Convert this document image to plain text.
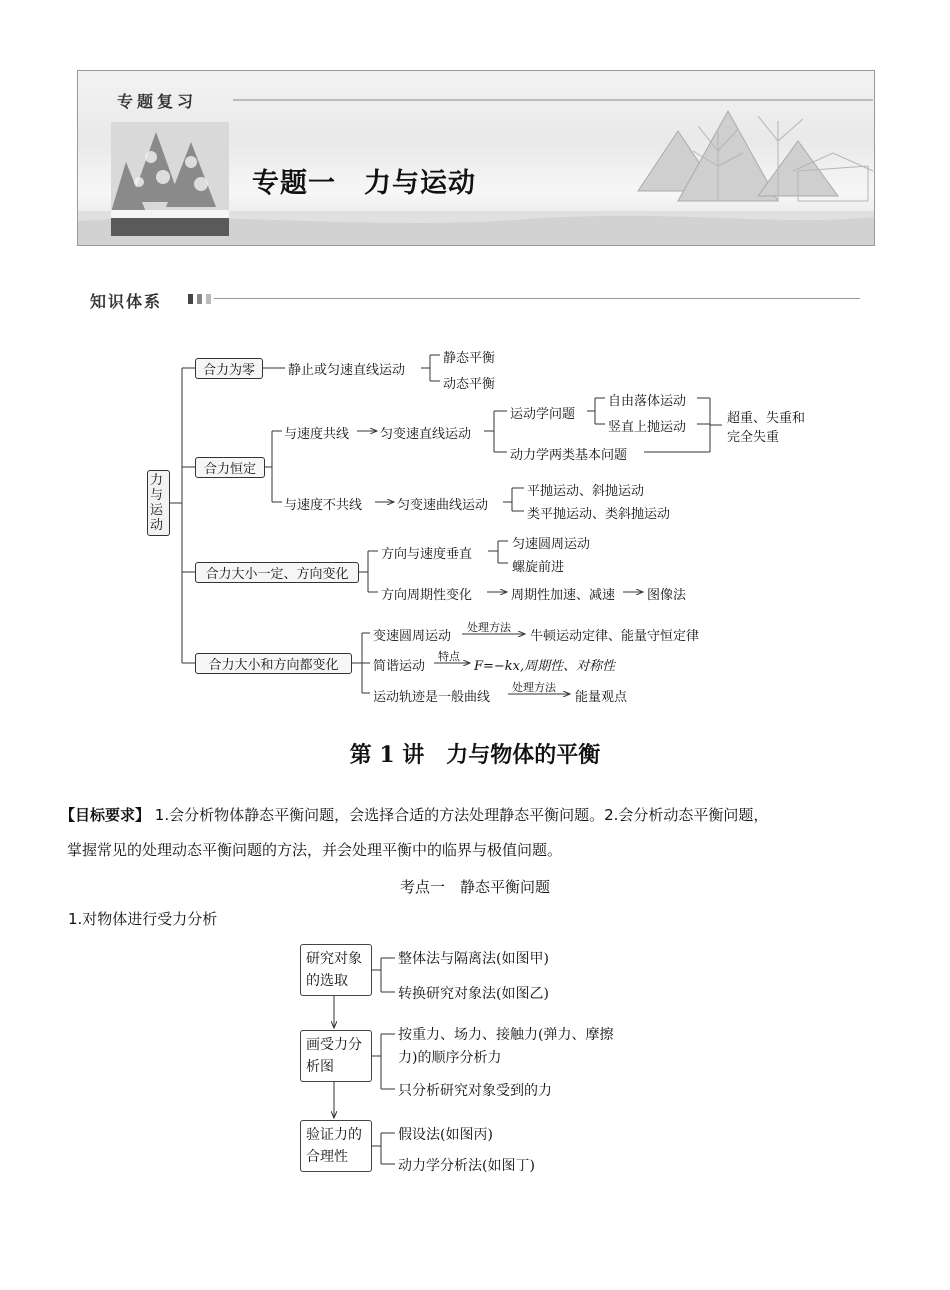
专题复习
专题一　力与运动
知识体系
力与运动
合力为零	静止或匀速直线运动
静态平衡
动态平衡
合力恒定
与速度共线 匀变速直线运动
运动学问题
自由落体运动
竖直上抛运动
动力学两类基本问题
超重、失重和
完全失重
与速度不共线	匀变速曲线运动
平抛运动、斜抛运动
类平抛运动、类斜抛运动
合力大小一定、方向变化
方向与速度垂直
匀速圆周运动
螺旋前进
方向周期性变化	周期性加速、减速 图像法
合力大小和方向都变化
变速圆周运动
处理方法
牛顿运动定律、能量守恒定律
简谐运动
特点
F=−kx,周期性、对称性
运动轨迹是一般曲线
处理方法
能量观点
第 1 讲　力与物体的平衡
【目标要求】 1.会分析物体静态平衡问题，会选择合适的方法处理静态平衡问题。2.会分析动态平衡问题，
掌握常见的处理动态平衡问题的方法，并会处理平衡中的临界与极值问题。
考点一　静态平衡问题
1.对物体进行受力分析
研究对象的选取
整体法与隔离法(如图甲)
转换研究对象法(如图乙)
画受力分析图
按重力、场力、接触力(弹力、摩擦
力)的顺序分析力
只分析研究对象受到的力
验证力的合理性
假设法(如图丙)
动力学分析法(如图丁)
